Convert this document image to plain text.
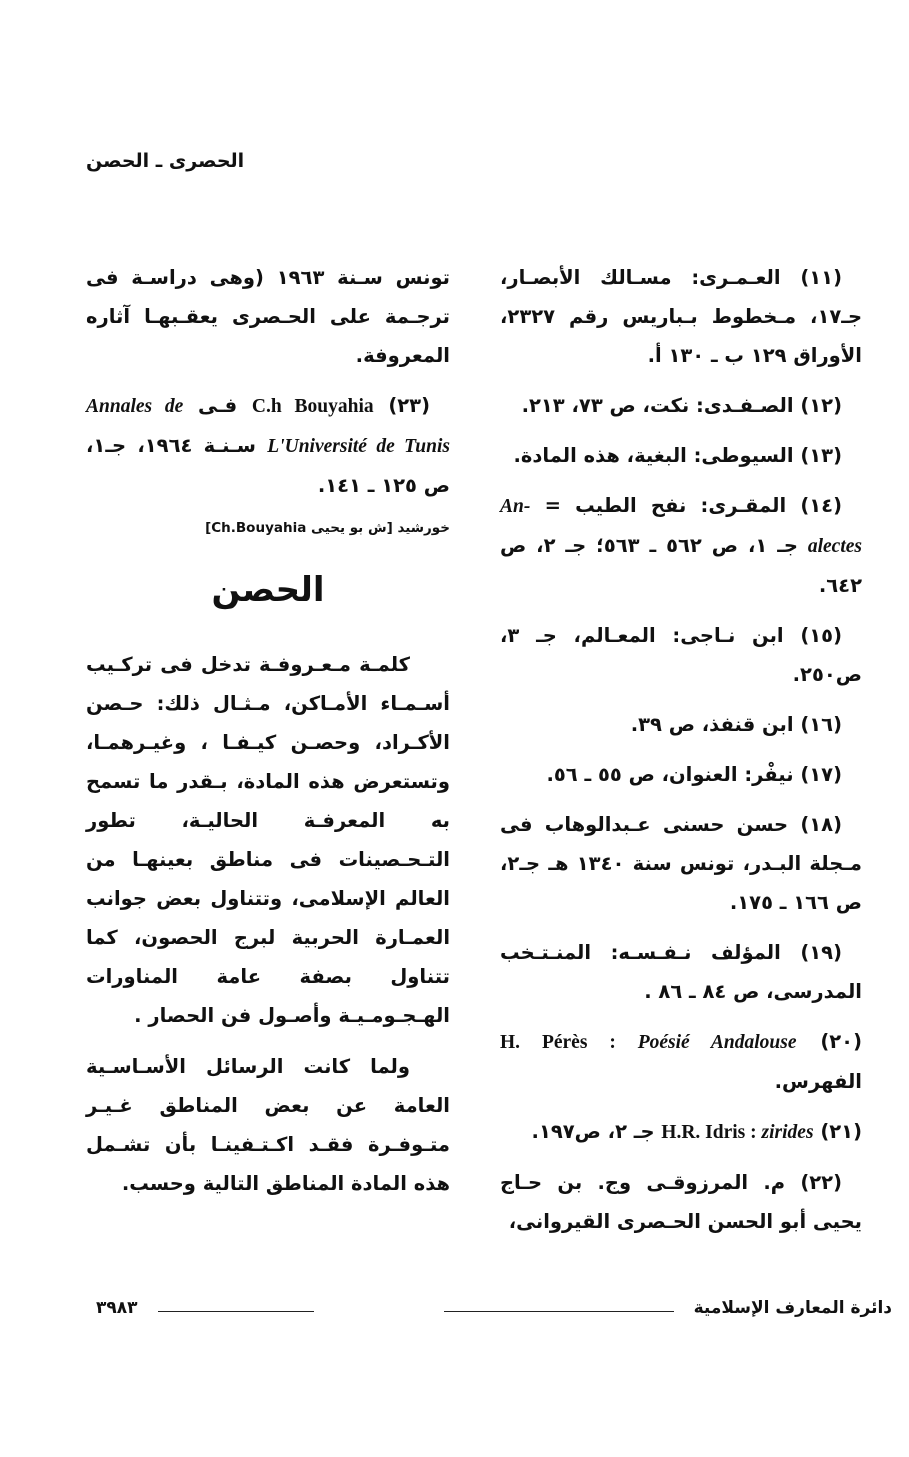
الحصرى ـ الحصن
(١١) العـمـرى: مسـالك الأبصـار، جـ١٧، مـخطوط بـباريس رقم ٢٣٢٧، الأوراق ١٢٩ ب ـ ١٣٠ أ.
(١٢) الصـفـدى: نكت، ص ٧٣، ٢١٣.
(١٣) السيوطى: البغية، هذه المادة.
(١٤) المقـرى: نفح الطيب = An-alectes جـ ١، ص ٥٦٢ ـ ٥٦٣؛ جـ ٢، ص ٦٤٢.
(١٥) ابن نـاجى: المعـالم، جـ ٣، ص٢٥٠.
(١٦) ابن قنفذ، ص ٣٩.
(١٧) نيفْر: العنوان، ص ٥٥ ـ ٥٦.
(١٨) حسن حسنى عـبدالوهاب فى مـجلة البـدر، تونس سنة ١٣٤٠ هـ جـ٢، ص ١٦٦ ـ ١٧٥.
(١٩) المؤلف نـفـسـه: المنـتـخب المدرسى، ص ٨٤ ـ ٨٦ .
(٢٠) H. Pérès : Poésié Andalouse الفهرس.
(٢١) H.R. Idris : zirides جـ ٢، ص١٩٧.
(٢٢) م. المرزوقـى وج. بن حـاج يحيى أبو الحسن الحـصرى القيروانى،
تونس سـنة ١٩٦٣ (وهى دراسـة فى ترجـمة على الحـصرى يعقـبهـا آثاره المعروفة.
(٢٣) C.h Bouyahia فـى Annales de L'Université de Tunis سـنـة ١٩٦٤، جـ١، ص ١٢٥ ـ ١٤١.
خورشيد [ش بو يحيى Ch.Bouyahia]
الحصن
كلمـة مـعـروفـة تدخل فى تركـيب أسـمـاء الأمـاكن، مـثـال ذلك: حـصن الأكـراد، وحصـن كيـفـا ، وغيـرهمـا، وتستعرض هذه المادة، بـقدر ما تسمح به المعرفـة الحاليـة، تطور التـحـصينات فى مناطق بعينهـا من العالم الإسلامى، وتتناول بعض جوانب العمـارة الحربية لبرج الحصون، كما تتناول بصفة عامة المناورات الهـجـومـيـة وأصـول فن الحصار .
ولما كانت الرسائل الأسـاسـية العامة عن بعض المناطق غـيـر متـوفـرة فقـد اكـتـفينـا بأن تشـمل هذه المادة المناطق التالية وحسب.
دائرة المعارف الإسلامية
٣٩٨٣
